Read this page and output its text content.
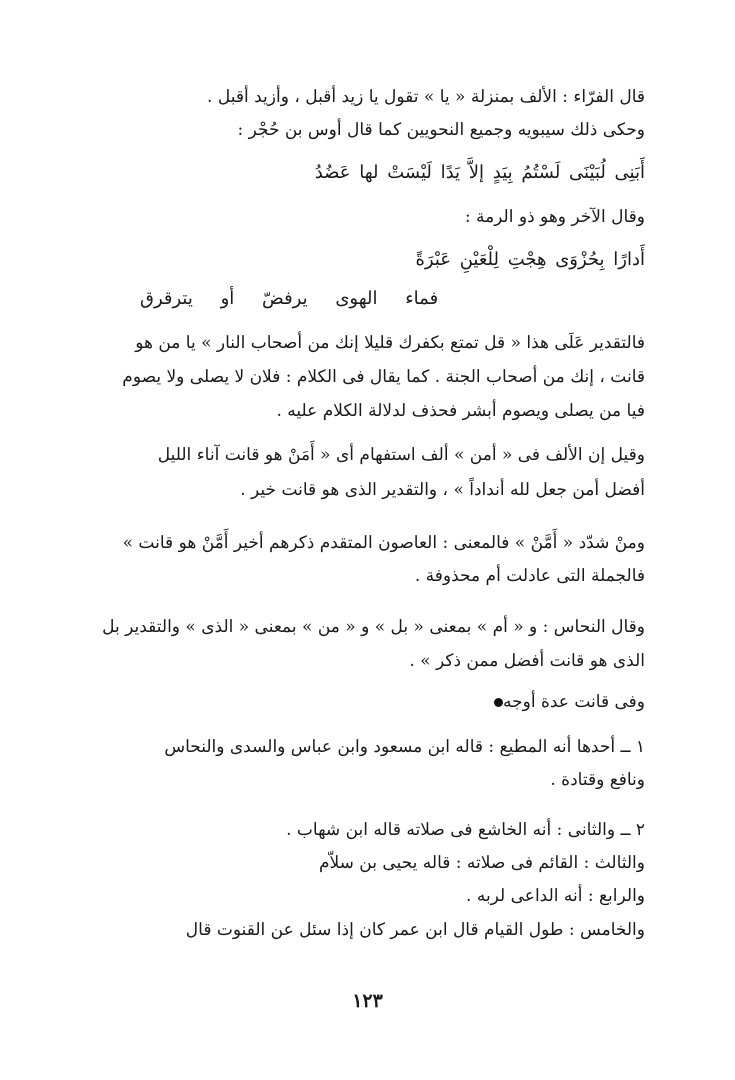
قال الفرّاء : الألف بمنزلة « يا » تقول يا زيد أقبل ، وأزيد أقبل .
وحكى ذلك سيبويه وجميع النحويين كما قال أوس بن حُجْر :
أَبَنِى لُبَيْنَى لَسْتُمُ بِيَدٍ إلاَّ يَدًا لَيْسَتْ لها عَضُدُ
وقال الآخر وهو ذو الرمة :
أَدارًا بِحُزْوَى هِجْتِ لِلْعَيْنِ عَبْرَةً
فماء الهوى يرفضّ أو يترقرق
فالتقدير عَلَى هذا « قل تمتع بكفرك قليلا إنك من أصحاب النار » يا من هو
قانت ، إنك من أصحاب الجنة . كما يقال فى الكلام : فلان لا يصلى ولا يصوم
فيا من يصلى ويصوم أبشر فحذف لدلالة الكلام عليه .
وقيل إن الألف فى « أمن » ألف استفهام أى « أَمَنْ هو قانت آناء الليل
أفضل أمن جعل لله أنداداً » ، والتقدير الذى هو قانت خير .
ومنْ شدّد « أَمَّنْ » فالمعنى : العاصون المتقدم ذكرهم أخير أَمَّنْ هو قانت »
فالجملة التى عادلت أم محذوفة .
وقال النحاس : و « أم » بمعنى « بل » و « من » بمعنى « الذى » والتقدير بل
الذى هو قانت أفضل ممن ذكر » .
وفى قانت عدة أوجه
١ ــ أحدها أنه المطيع : قاله ابن مسعود وابن عباس والسدى والنحاس
ونافع وقتادة .
٢ ــ والثانى : أنه الخاشع فى صلاته قاله ابن شهاب .
والثالث : القائم فى صلاته : قاله يحيى بن سلاّم
والرابع : أنه الداعى لربه .
والخامس : طول القيام قال ابن عمر كان إذا سئل عن القنوت قال
١٢٣
